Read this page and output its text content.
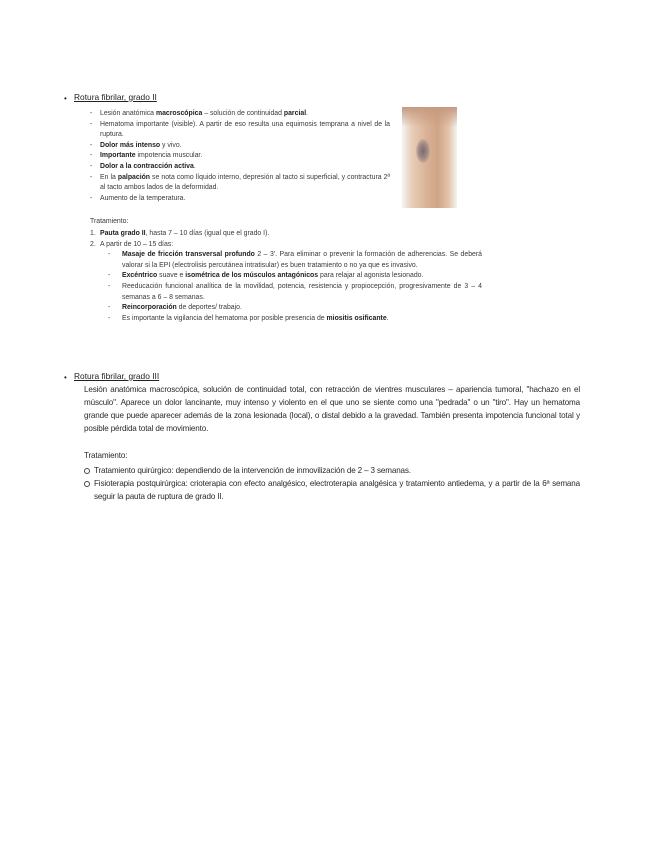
• Rotura fibrilar, grado II
- Lesión anatómica macroscópica – solución de continuidad parcial.
- Hematoma importante (visible). A partir de eso resulta una equimosis temprana a nivel de la ruptura.
- Dolor más intenso y vivo.
- Importante impotencia muscular.
- Dolor a la contracción activa.
- En la palpación se nota como líquido interno, depresión al tacto si superficial, y contractura 2ª al tacto ambos lados de la deformidad.
- Aumento de la temperatura.
Tratamiento:
1. Pauta grado II, hasta 7 – 10 días (igual que el grado I).
2. A partir de 10 – 15 días:
- Masaje de fricción transversal profundo 2 – 3'. Para eliminar o prevenir la formación de adherencias. Se deberá valorar si la EPI (electrolisis percutánea intratisular) es buen tratamiento o no ya que es invasivo.
- Excéntrico suave e isométrica de los músculos antagónicos para relajar al agonista lesionado.
- Reeducación funcional analítica de la movilidad, potencia, resistencia y propiocepción, progresivamente de 3 – 4 semanas a 6 – 8 semanas.
- Reincorporación de deportes/ trabajo.
- Es importante la vigilancia del hematoma por posible presencia de miositis osificante.
• Rotura fibrilar, grado III

Lesión anatómica macroscópica, solución de continuidad total, con retracción de vientres musculares – apariencia tumoral, "hachazo en el músculo". Aparece un dolor lancinante, muy intenso y violento en el que uno se siente como una "pedrada" o un "tiro". Hay un hematoma grande que puede aparecer además de la zona lesionada (local), o distal debido a la gravedad. También presenta impotencia funcional total y posible pérdida total de movimiento.

Tratamiento:
Tratamiento quirúrgico: dependiendo de la intervención de inmovilización de 2 – 3 semanas.
Fisioterapia postquirúrgica: crioterapia con efecto analgésico, electroterapia analgésica y tratamiento antiedema, y a partir de la 6ª semana seguir la pauta de ruptura de grado II.
